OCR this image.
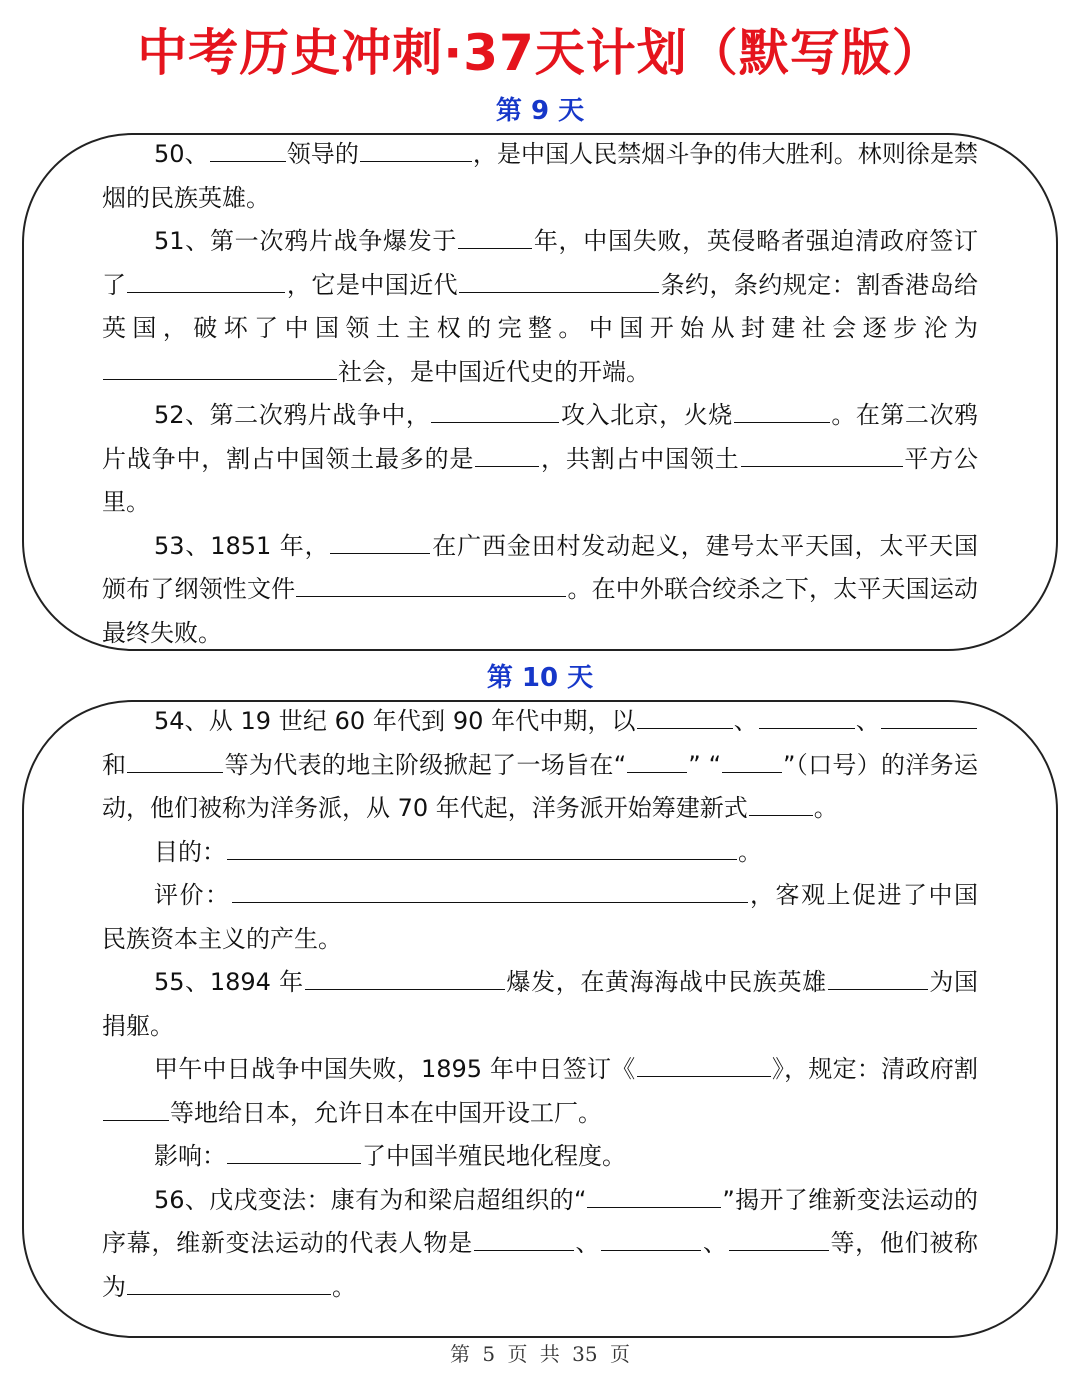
中考历史冲刺·37天计划（默写版）
第 9 天

50、	领导的	，是中国人民禁烟斗争的伟大胜利。林则徐是禁烟的民族英雄。

51、第一次鸦片战争爆发于	年，中国失败，英侵略者强迫清政府签订了	，它是中国近代	条约，条约规定：割香港岛给英国，破坏了中国领土主权的完整。中国开始从封建社会逐步沦为社会，是中国近代史的开端。

52、第二次鸦片战争中，	攻入北京，火烧	。在第二次鸦片战争中，割占中国领土最多的是	，共割占中国领土	平方公里。

53、1851 年，	在广西金田村发动起义，建号太平天国，太平天国颁布了纲领性文件	。在中外联合绞杀之下，太平天国运动最终失败。

第 10 天

54、从 19 世纪 60 年代到 90 年代中期，以	、	、和	等为代表的地主阶级掀起了一场旨在“	” “	”（口号）的洋务运动，他们被称为洋务派，从 70 年代起，洋务派开始筹建新式	。

目的：	。

评价：	，客观上促进了中国民族资本主义的产生。

55、1894 年	爆发，在黄海海战中民族英雄	为国捐躯。

甲午中日战争中国失败，1895 年中日签订《	》，规定：清政府割等地给日本，允许日本在中国开设工厂。

影响：	了中国半殖民地化程度。

56、戊戌变法：康有为和梁启超组织的“	”揭开了维新变法运动的序幕，维新变法运动的代表人物是	、	、	等，他们被称为	。

第 5 页 共 35 页
